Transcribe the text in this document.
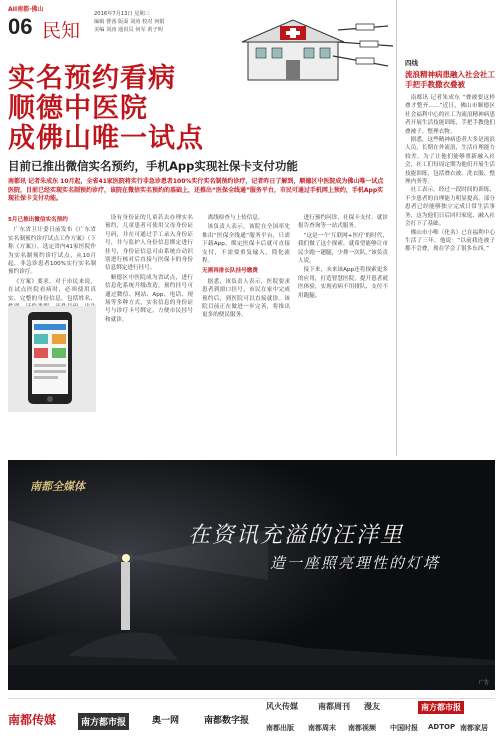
AII南都·佛山
06 民知
2016年7月13日 星期三
编辑 曹茜 版面 刘涛 校对 何娟
美编 刘涛 通讯员 何军 黄子明
实名预约看病
顺德中医院
成佛山唯一试点
目前已推出微信实名预约，手机App实现社保卡支付功能
南都讯 记者朱成东 10月起，全省41家医院将实行非急诊患者100%实行实名制预约诊疗，记者昨日了解到，顺德区中医院成为佛山唯一试点医院，目前已经实现实名制预约诊疗，该院在微信实名预约的基础上，还推出“医保全线通”服务平台，市民可通过手机网上预约，手机App实现社保卡支付功能。
5月已推出微信实名预约

广东省卫计委日前发布《广东省实名制预约诊疗试点工作方案》（下称《方案》），选定省内41家医院作为实名制预约诊疗试点，从10月起，非急诊患者100%实行实名制预约诊疗。

《方案》要求，对于市民来说，在试点医院看病时，必须使用真实、完整的身份信息，包括姓名、

设有身份证的儿童若去办理实名预约，儿童患者可使用父母身份证号码，并在可通过手工录入身份证号，并与监护人身份信息绑定进行挂号，身份证信息可由系统自动识别进行核对后直接与医保卡的身份信息绑定进行挂号。

顺德区中医院成为省试点，进行信息化系统升级改造，预约挂号可通过微信、网站、App、电话、现场等多种方式，实名信息的身份证号与诊疗卡号绑定，方便市民挂号和就诊。

离线检查与上传信息。

该负责人表示，该院在全国率先推出“医保全线通”服务平台，只需下载App，绑定医保卡后就可直接支付，不需要重复输入，简化流程。

无需再排长队挂号缴费

据悉，该负责人表示，医院要求患者到窗口挂号，市民在家中完成预约后，到医院可以直接就诊。该院目前正在做进一步完善，将推出更多的便民服务。

进行预约问诊、社保卡支付、就诊报告查询等一站式服务。

“这是一个‘互联网+医疗’的时代，我们做了这个探索，就希望能够让市民少跑一趟腿，少排一次队。”该负责人说。

接下来，未来该App还将探索更多的应用，打造智慧医院，提升患者就医体验，实现看病不用排队、支付不用跑腿。

四线
流浪精神病患融入社会社工手把手教撒衣叠被

南都讯 记者朱成东 “叠被要这样叠才整齐……”近日，佛山市顺德区社会福利中心的社工为流浪精神病患者开展生活技能训练，手把手教他们叠被子、整理衣物。

据悉，这些精神病患者大多是流浪人员，长期在外流浪，生活自理能力较差。为了让他们能够重新融入社会，社工们每周定期为他们开展生活技能训练，包括叠衣被、洗衣服、整理内务等。

社工表示，经过一段时间的训练，不少患者的自理能力明显提高，部分患者已经能够独立完成日常生活事务，这为他们日后回归家庭、融入社会打下了基础。

佛山市小唯（化名）已在福利中心生活了三年，他说：“以前我连被子都不会叠，现在学会了很多东西。”

南都全媒体
在资讯充溢的汪洋里
造一座照亮理性的灯塔
广告
南都传媒	南方都市报	奥一网	南都数字报
风火传媒	南都周刊 漫友	南方都市报
南都出版 南都周末 南都视频 中国时报 ADTOP 南都家居
